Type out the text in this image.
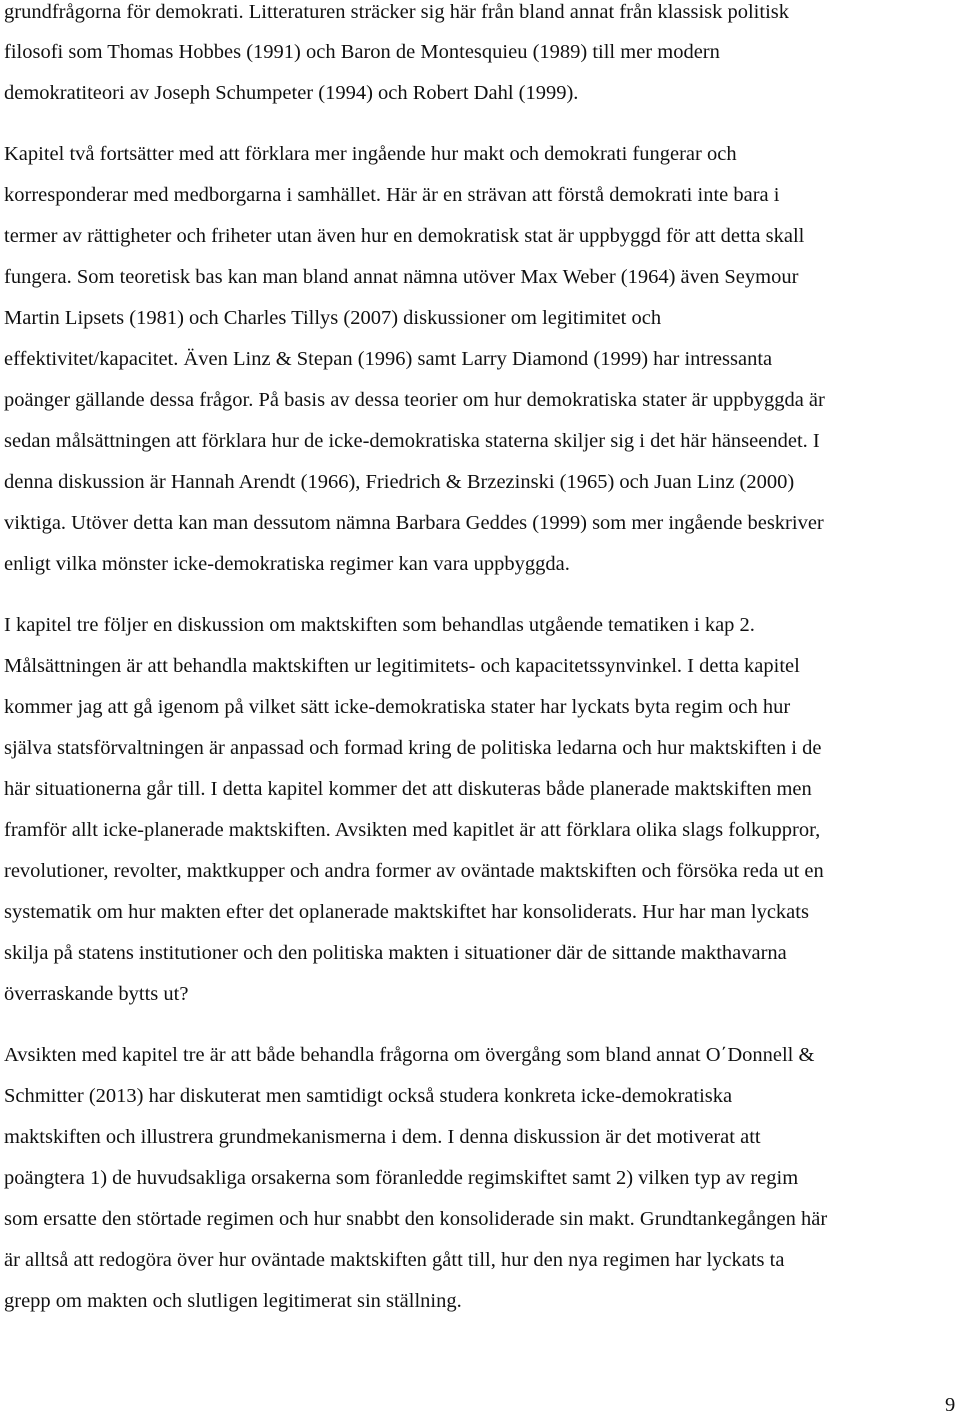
grundfrågorna för demokrati. Litteraturen sträcker sig här från bland annat från klassisk politisk
filosofi som Thomas Hobbes (1991) och Baron de Montesquieu (1989) till mer modern
demokratiteori av Joseph Schumpeter (1994) och Robert Dahl (1999).
Kapitel två fortsätter med att förklara mer ingående hur makt och demokrati fungerar och
korresponderar med medborgarna i samhället. Här är en strävan att förstå demokrati inte bara i
termer av rättigheter och friheter utan även hur en demokratisk stat är uppbyggd för att detta skall
fungera. Som teoretisk bas kan man bland annat nämna utöver Max Weber (1964) även Seymour
Martin Lipsets (1981) och Charles Tillys (2007) diskussioner om legitimitet och
effektivitet/kapacitet. Även Linz & Stepan (1996) samt Larry Diamond (1999) har intressanta
poänger gällande dessa frågor. På basis av dessa teorier om hur demokratiska stater är uppbyggda är
sedan målsättningen att förklara hur de icke-demokratiska staterna skiljer sig i det här hänseendet. I
denna diskussion är Hannah Arendt (1966), Friedrich & Brzezinski (1965) och Juan Linz (2000)
viktiga. Utöver detta kan man dessutom nämna Barbara Geddes (1999) som mer ingående beskriver
enligt vilka mönster icke-demokratiska regimer kan vara uppbyggda.
I kapitel tre följer en diskussion om maktskiften som behandlas utgående tematiken i kap 2.
Målsättningen är att behandla maktskiften ur legitimitets- och kapacitetssynvinkel. I detta kapitel
kommer jag att gå igenom på vilket sätt icke-demokratiska stater har lyckats byta regim och hur
själva statsförvaltningen är anpassad och formad kring de politiska ledarna och hur maktskiften i de
här situationerna går till. I detta kapitel kommer det att diskuteras både planerade maktskiften men
framför allt icke-planerade maktskiften. Avsikten med kapitlet är att förklara olika slags folkuppror,
revolutioner, revolter, maktkupper och andra former av oväntade maktskiften och försöka reda ut en
systematik om hur makten efter det oplanerade maktskiftet har konsoliderats. Hur har man lyckats
skilja på statens institutioner och den politiska makten i situationer där de sittande makthavarna
överraskande bytts ut?
Avsikten med kapitel tre är att både behandla frågorna om övergång som bland annat O΄Donnell &
Schmitter (2013) har diskuterat men samtidigt också studera konkreta icke-demokratiska
maktskiften och illustrera grundmekanismerna i dem. I denna diskussion är det motiverat att
poängtera 1) de huvudsakliga orsakerna som föranledde regimskiftet samt 2) vilken typ av regim
som ersatte den störtade regimen och hur snabbt den konsoliderade sin makt. Grundtankegången här
är alltså att redogöra över hur oväntade maktskiften gått till, hur den nya regimen har lyckats ta
grepp om makten och slutligen legitimerat sin ställning.
9
